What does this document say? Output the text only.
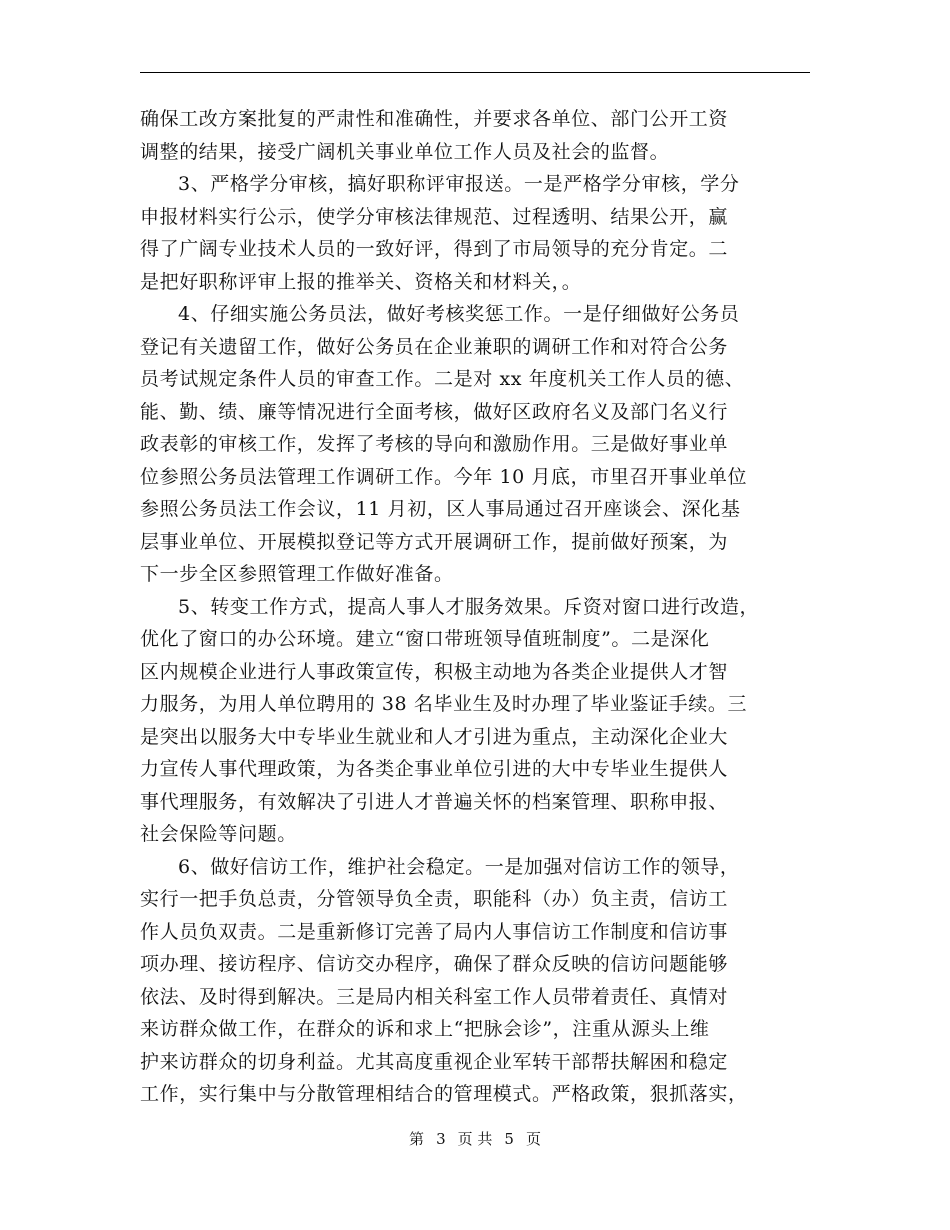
确保工改方案批复的严肃性和准确性，并要求各单位、部门公开工资
调整的结果，接受广阔机关事业单位工作人员及社会的监督。
3、严格学分审核，搞好职称评审报送。一是严格学分审核，学分
申报材料实行公示，使学分审核法律规范、过程透明、结果公开，赢
得了广阔专业技术人员的一致好评，得到了市局领导的充分肯定。二
是把好职称评审上报的推举关、资格关和材料关，。
4、仔细实施公务员法，做好考核奖惩工作。一是仔细做好公务员
登记有关遗留工作，做好公务员在企业兼职的调研工作和对符合公务
员考试规定条件人员的审查工作。二是对 xx 年度机关工作人员的德、
能、勤、绩、廉等情况进行全面考核，做好区政府名义及部门名义行
政表彰的审核工作，发挥了考核的导向和激励作用。三是做好事业单
位参照公务员法管理工作调研工作。今年 10 月底，市里召开事业单位
参照公务员法工作会议，11 月初，区人事局通过召开座谈会、深化基
层事业单位、开展模拟登记等方式开展调研工作，提前做好预案，为
下一步全区参照管理工作做好准备。
5、转变工作方式，提高人事人才服务效果。斥资对窗口进行改造，
优化了窗口的办公环境。建立“窗口带班领导值班制度”。二是深化
区内规模企业进行人事政策宣传，积极主动地为各类企业提供人才智
力服务，为用人单位聘用的 38 名毕业生及时办理了毕业鉴证手续。三
是突出以服务大中专毕业生就业和人才引进为重点，主动深化企业大
力宣传人事代理政策，为各类企事业单位引进的大中专毕业生提供人
事代理服务，有效解决了引进人才普遍关怀的档案管理、职称申报、
社会保险等问题。
6、做好信访工作，维护社会稳定。一是加强对信访工作的领导，
实行一把手负总责，分管领导负全责，职能科（办）负主责，信访工
作人员负双责。二是重新修订完善了局内人事信访工作制度和信访事
项办理、接访程序、信访交办程序，确保了群众反映的信访问题能够
依法、及时得到解决。三是局内相关科室工作人员带着责任、真情对
来访群众做工作，在群众的诉和求上“把脉会诊”，注重从源头上维
护来访群众的切身利益。尤其高度重视企业军转干部帮扶解困和稳定
工作，实行集中与分散管理相结合的管理模式。严格政策，狠抓落实，
第 3 页 共 5 页
